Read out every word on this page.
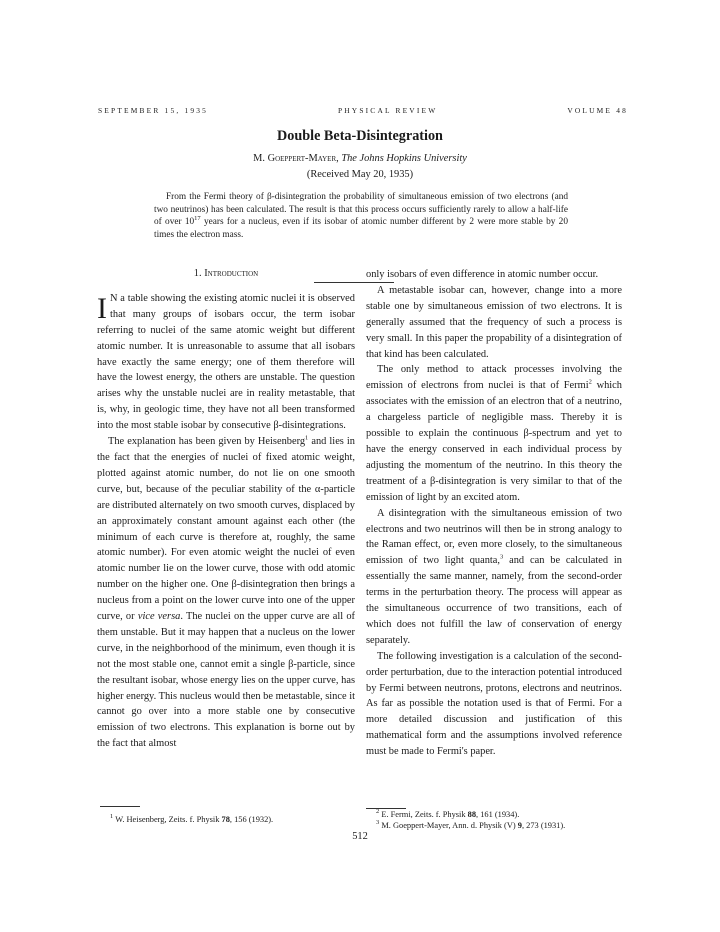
SEPTEMBER 15, 1935	PHYSICAL REVIEW	VOLUME 48
Double Beta-Disintegration
M. Goeppert-Mayer, The Johns Hopkins University
(Received May 20, 1935)
From the Fermi theory of β-disintegration the probability of simultaneous emission of two electrons (and two neutrinos) has been calculated. The result is that this process occurs sufficiently rarely to allow a half-life of over $10^{17}$ years for a nucleus, even if its isobar of atomic number different by 2 were more stable by 20 times the electron mass.
1. Introduction

I N a table showing the existing atomic nuclei it is observed that many groups of isobars occur, the term isobar referring to nuclei of the same atomic weight but different atomic number. It is unreasonable to assume that all isobars have exactly the same energy; one of them therefore will have the lowest energy, the others are unstable. The question arises why the unstable nuclei are in reality metastable, that is, why, in geologic time, they have not all been transformed into the most stable isobar by consecutive β-disintegrations.

The explanation has been given by Heisenberg$^1$ and lies in the fact that the energies of nuclei of fixed atomic weight, plotted against atomic number, do not lie on one smooth curve, but, because of the peculiar stability of the α-particle are distributed alternately on two smooth curves, displaced by an approximately constant amount against each other (the minimum of each curve is therefore at, roughly, the same atomic number). For even atomic weight the nuclei of even atomic number lie on the lower curve, those with odd atomic number on the higher one. One β-disintegration then brings a nucleus from a point on the lower curve into one of the upper curve, or vice versa. The nuclei on the upper curve are all of them unstable. But it may happen that a nucleus on the lower curve, in the neighborhood of the minimum, even though it is not the most stable one, cannot emit a single β-particle, since the resultant isobar, whose energy lies on the upper curve, has higher energy. This nucleus would then be metastable, since it cannot go over into a more stable one by consecutive emission of two electrons. This explanation is borne out by the fact that almost

only isobars of even difference in atomic number occur.

A metastable isobar can, however, change into a more stable one by simultaneous emission of two electrons. It is generally assumed that the frequency of such a process is very small. In this paper the propability of a disintegration of that kind has been calculated.

The only method to attack processes involving the emission of electrons from nuclei is that of Fermi$^2$ which associates with the emission of an electron that of a neutrino, a chargeless particle of negligible mass. Thereby it is possible to explain the continuous β-spectrum and yet to have the energy conserved in each individual process by adjusting the momentum of the neutrino. In this theory the treatment of a β-disintegration is very similar to that of the emission of light by an excited atom.

A disintegration with the simultaneous emission of two electrons and two neutrinos will then be in strong analogy to the Raman effect, or, even more closely, to the simultaneous emission of two light quanta,$^3$ and can be calculated in essentially the same manner, namely, from the second-order terms in the perturbation theory. The process will appear as the simultaneous occurrence of two transitions, each of which does not fulfill the law of conservation of energy separately.

The following investigation is a calculation of the second-order perturbation, due to the interaction potential introduced by Fermi between neutrons, protons, electrons and neutrinos. As far as possible the notation used is that of Fermi. For a more detailed discussion and justification of this mathematical form and the assumptions involved reference must be made to Fermi's paper.

$^1$ W. Heisenberg, Zeits. f. Physik 78, 156 (1932).
$^2$ E. Fermi, Zeits. f. Physik 88, 161 (1934).
$^3$ M. Goeppert-Mayer, Ann. d. Physik (V) 9, 273 (1931).
512
